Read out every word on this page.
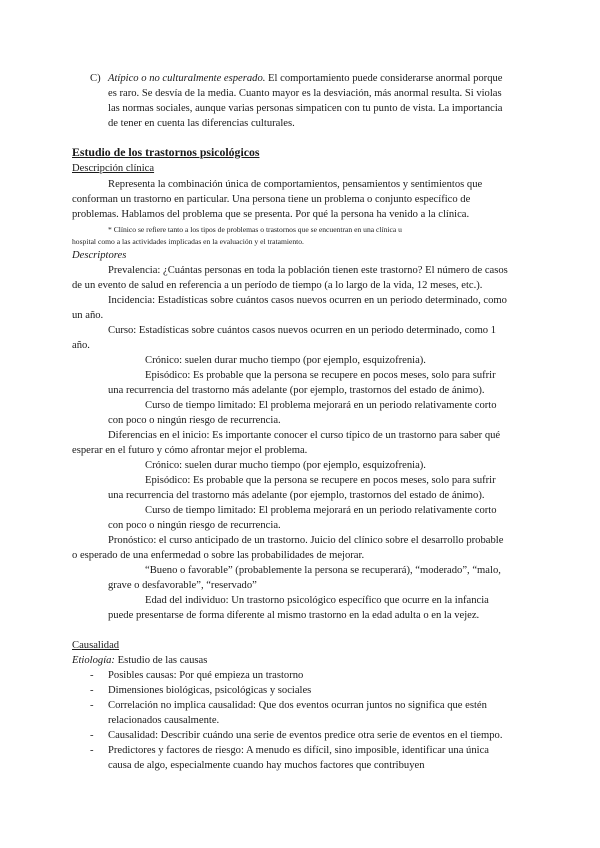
C) Atípico o no culturalmente esperado. El comportamiento puede considerarse anormal porque
es raro. Se desvía de la media. Cuanto mayor es la desviación, más anormal resulta. Si violas
las normas sociales, aunque varias personas simpaticen con tu punto de vista. La importancia
de tener en cuenta las diferencias culturales.
Estudio de los trastornos psicológicos
Descripción clínica
Representa la combinación única de comportamientos, pensamientos y sentimientos que
conforman un trastorno en particular. Una persona tiene un problema o conjunto específico de
problemas. Hablamos del problema que se presenta. Por qué la persona ha venido a la clínica.
* Clínico se refiere tanto a los tipos de problemas o trastornos que se encuentran en una clínica u
hospital como a las actividades implicadas en la evaluación y el tratamiento.
Descriptores
Prevalencia: ¿Cuántas personas en toda la población tienen este trastorno? El número de casos
de un evento de salud en referencia a un período de tiempo (a lo largo de la vida, 12 meses, etc.).
Incidencia: Estadísticas sobre cuántos casos nuevos ocurren en un periodo determinado, como
un año.
Curso: Estadísticas sobre cuántos casos nuevos ocurren en un periodo determinado, como 1
año.
Crónico: suelen durar mucho tiempo (por ejemplo, esquizofrenia).
Episódico: Es probable que la persona se recupere en pocos meses, solo para sufrir
una recurrencia del trastorno más adelante (por ejemplo, trastornos del estado de ánimo).
Curso de tiempo limitado: El problema mejorará en un periodo relativamente corto
con poco o ningún riesgo de recurrencia.
Diferencias en el inicio: Es importante conocer el curso típico de un trastorno para saber qué
esperar en el futuro y cómo afrontar mejor el problema.
Crónico: suelen durar mucho tiempo (por ejemplo, esquizofrenia).
Episódico: Es probable que la persona se recupere en pocos meses, solo para sufrir
una recurrencia del trastorno más adelante (por ejemplo, trastornos del estado de ánimo).
Curso de tiempo limitado: El problema mejorará en un periodo relativamente corto
con poco o ningún riesgo de recurrencia.
Pronóstico: el curso anticipado de un trastorno. Juicio del clínico sobre el desarrollo probable
o esperado de una enfermedad o sobre las probabilidades de mejorar.
“Bueno o favorable” (probablemente la persona se recuperará), “moderado”, “malo,
grave o desfavorable”, “reservado”
Edad del individuo: Un trastorno psicológico específico que ocurre en la infancia
puede presentarse de forma diferente al mismo trastorno en la edad adulta o en la vejez.
Causalidad
Etiología: Estudio de las causas
- Posibles causas: Por qué empieza un trastorno
- Dimensiones biológicas, psicológicas y sociales
- Correlación no implica causalidad: Que dos eventos ocurran juntos no significa que estén
relacionados causalmente.
- Causalidad: Describir cuándo una serie de eventos predice otra serie de eventos en el tiempo.
- Predictores y factores de riesgo: A menudo es difícil, sino imposible, identificar una única
causa de algo, especialmente cuando hay muchos factores que contribuyen
